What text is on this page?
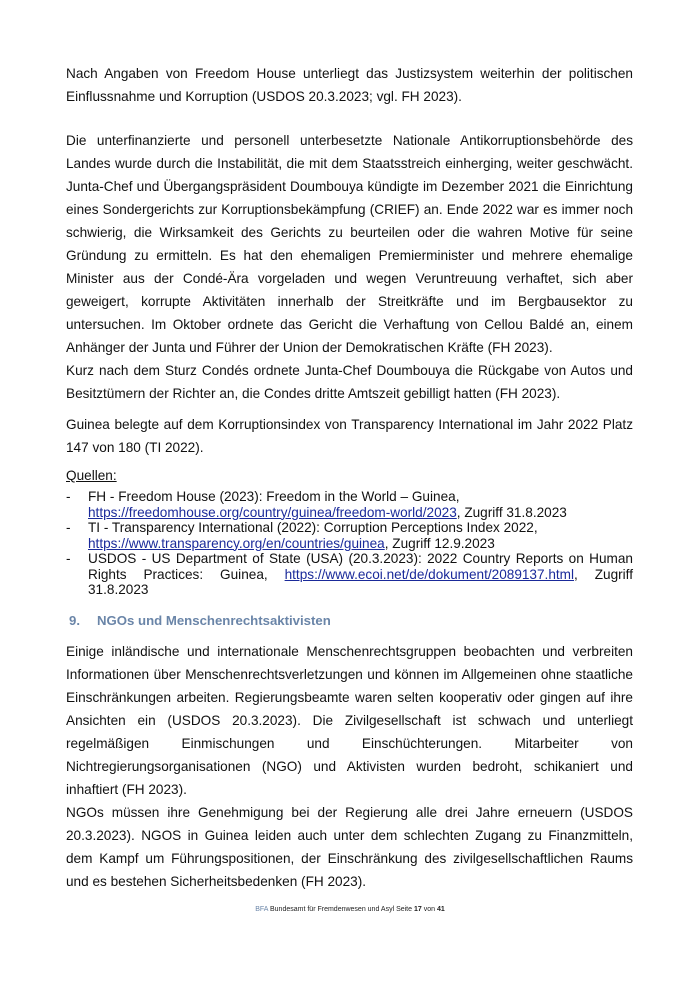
Nach Angaben von Freedom House unterliegt das Justizsystem weiterhin der politischen Einflussnahme und Korruption (USDOS 20.3.2023; vgl. FH 2023).

Die unterfinanzierte und personell unterbesetzte Nationale Antikorruptionsbehörde des Landes wurde durch die Instabilität, die mit dem Staatsstreich einherging, weiter geschwächt. Junta-Chef und Übergangspräsident Doumbouya kündigte im Dezember 2021 die Einrichtung eines Sondergerichts zur Korruptionsbekämpfung (CRIEF) an. Ende 2022 war es immer noch schwierig, die Wirksamkeit des Gerichts zu beurteilen oder die wahren Motive für seine Gründung zu ermitteln. Es hat den ehemaligen Premierminister und mehrere ehemalige Minister aus der Condé-Ära vorgeladen und wegen Veruntreuung verhaftet, sich aber geweigert, korrupte Aktivitäten innerhalb der Streitkräfte und im Bergbausektor zu untersuchen. Im Oktober ordnete das Gericht die Verhaftung von Cellou Baldé an, einem Anhänger der Junta und Führer der Union der Demokratischen Kräfte (FH 2023).

Kurz nach dem Sturz Condés ordnete Junta-Chef Doumbouya die Rückgabe von Autos und Besitztümern der Richter an, die Condes dritte Amtszeit gebilligt hatten (FH 2023).

Guinea belegte auf dem Korruptionsindex von Transparency International im Jahr 2022 Platz 147 von 180 (TI 2022).

Quellen:
- FH - Freedom House (2023): Freedom in the World – Guinea,
https://freedomhouse.org/country/guinea/freedom-world/2023, Zugriff 31.8.2023
- TI - Transparency International (2022): Corruption Perceptions Index 2022,
https://www.transparency.org/en/countries/guinea, Zugriff 12.9.2023
- USDOS - US Department of State (USA) (20.3.2023): 2022 Country Reports on Human Rights Practices: Guinea, https://www.ecoi.net/de/dokument/2089137.html, Zugriff 31.8.2023
9. NGOs und Menschenrechtsaktivisten

Einige inländische und internationale Menschenrechtsgruppen beobachten und verbreiten Informationen über Menschenrechtsverletzungen und können im Allgemeinen ohne staatliche Einschränkungen arbeiten. Regierungsbeamte waren selten kooperativ oder gingen auf ihre Ansichten ein (USDOS 20.3.2023). Die Zivilgesellschaft ist schwach und unterliegt regelmäßigen Einmischungen und Einschüchterungen. Mitarbeiter von Nichtregierungsorganisationen (NGO) und Aktivisten wurden bedroht, schikaniert und inhaftiert (FH 2023).

NGOs müssen ihre Genehmigung bei der Regierung alle drei Jahre erneuern (USDOS 20.3.2023). NGOS in Guinea leiden auch unter dem schlechten Zugang zu Finanzmitteln, dem Kampf um Führungspositionen, der Einschränkung des zivilgesellschaftlichen Raums und es bestehen Sicherheitsbedenken (FH 2023).

BFA Bundesamt für Fremdenwesen und Asyl Seite 17 von 41
